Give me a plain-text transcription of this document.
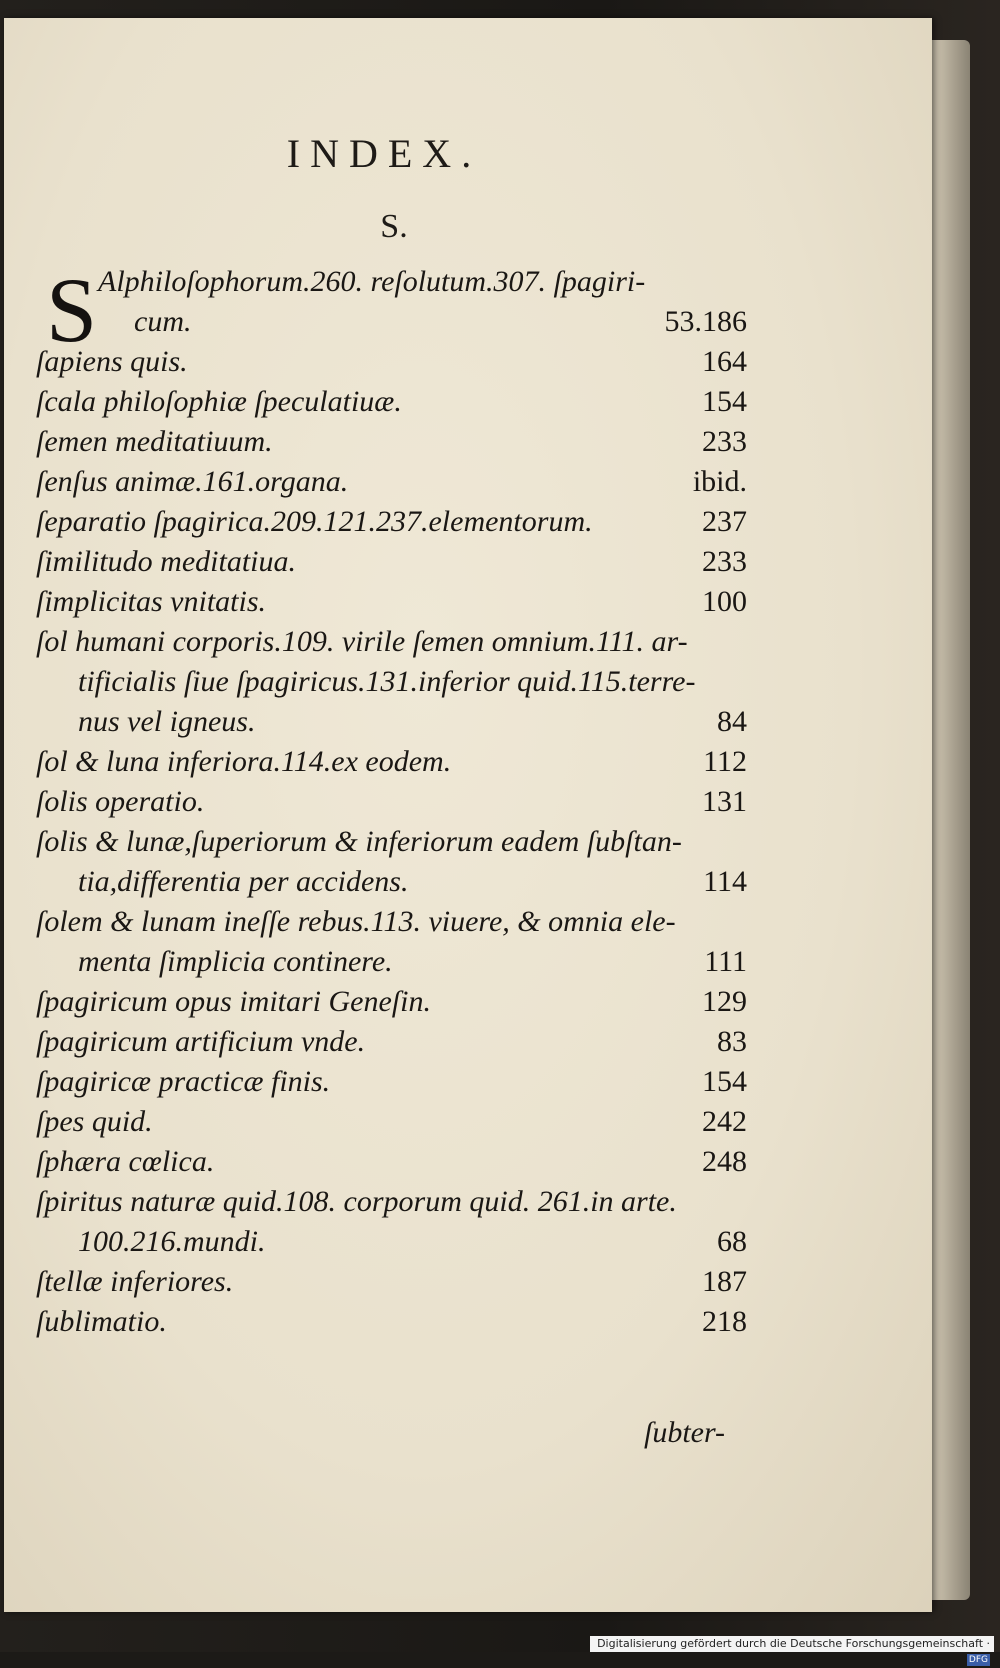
INDEX.
S.
S Alphiloſophorum.260. reſolutum.307. ſpagiri-
cum.	53.186
ſapiens quis.	164
ſcala philoſophiæ ſpeculatiuæ.	154
ſemen meditatiuum.	233
ſenſus animæ.161.organa.	ibid.
ſeparatio ſpagirica.209.121.237.elementorum.	237
ſimilitudo meditatiua.	233
ſimplicitas vnitatis.	100
ſol humani corporis.109. virile ſemen omnium.111. ar-
tificialis ſiue ſpagiricus.131.inferior quid.115.terre-
nus vel igneus.	84
ſol & luna inferiora.114.ex eodem.	112
ſolis operatio.	131
ſolis & lunæ,ſuperiorum & inferiorum eadem ſubſtan-
tia,differentia per accidens.	114
ſolem & lunam ineſſe rebus.113. viuere, & omnia ele-
menta ſimplicia continere.	111
ſpagiricum opus imitari Geneſin.	129
ſpagiricum artificium vnde.	83
ſpagiricæ practicæ finis.	154
ſpes quid.	242
ſphæra cœlica.	248
ſpiritus naturæ quid.108. corporum quid. 261.in arte.
100.216.mundi.	68
ſtellæ inferiores.	187
ſublimatio.	218
ſubter-
Digitalisierung gefördert durch die Deutsche Forschungsgemeinschaft ·DFG
